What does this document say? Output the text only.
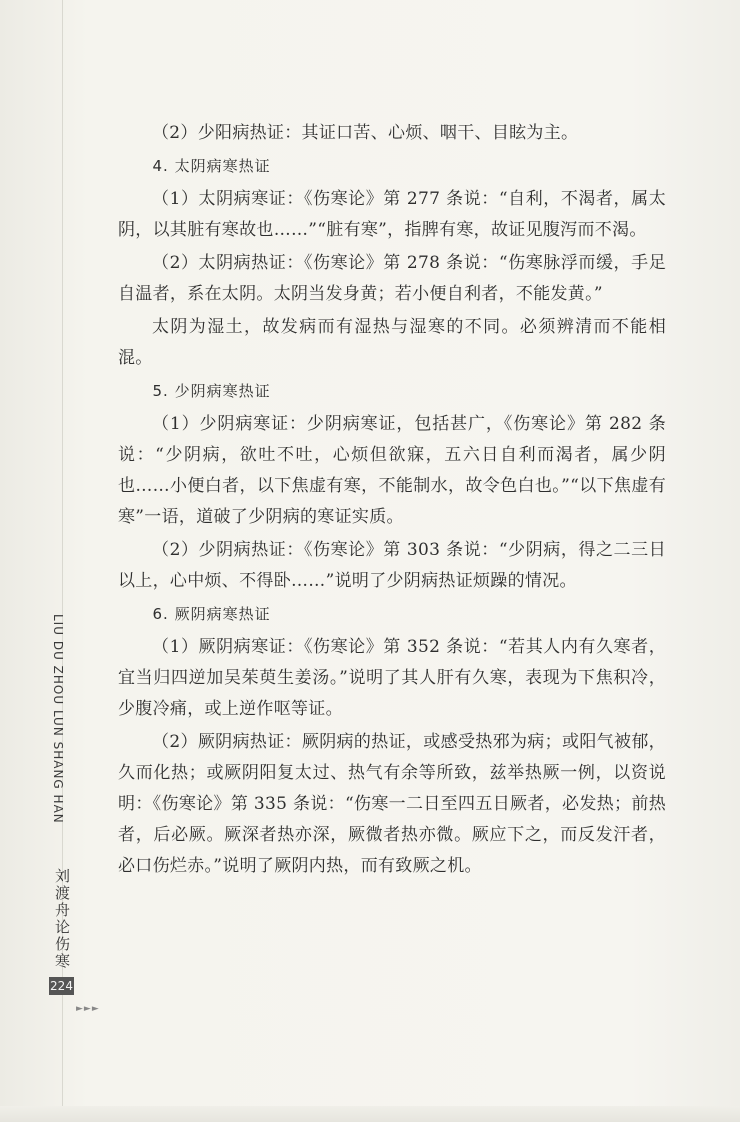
（2）少阳病热证：其证口苦、心烦、咽干、目眩为主。

4. 太阴病寒热证

（1）太阴病寒证：《伤寒论》第 277 条说：“自利，不渴者，属太阴，以其脏有寒故也……”“脏有寒”，指脾有寒，故证见腹泻而不渴。

（2）太阴病热证：《伤寒论》第 278 条说：“伤寒脉浮而缓，手足自温者，系在太阴。太阴当发身黄；若小便自利者，不能发黄。”

太阴为湿土，故发病而有湿热与湿寒的不同。必须辨清而不能相混。

5. 少阴病寒热证

（1）少阴病寒证：少阴病寒证，包括甚广，《伤寒论》第 282 条说：“少阴病，欲吐不吐，心烦但欲寐，五六日自利而渴者，属少阴也……小便白者，以下焦虚有寒，不能制水，故令色白也。”“以下焦虚有寒”一语，道破了少阴病的寒证实质。

（2）少阴病热证：《伤寒论》第 303 条说：“少阴病，得之二三日以上，心中烦、不得卧……”说明了少阴病热证烦躁的情况。

6. 厥阴病寒热证

（1）厥阴病寒证：《伤寒论》第 352 条说：“若其人内有久寒者，宜当归四逆加吴茱萸生姜汤。”说明了其人肝有久寒，表现为下焦积冷，少腹冷痛，或上逆作呕等证。

（2）厥阴病热证：厥阴病的热证，或感受热邪为病；或阳气被郁，久而化热；或厥阴阳复太过、热气有余等所致，兹举热厥一例，以资说明：《伤寒论》第 335 条说：“伤寒一二日至四五日厥者，必发热；前热者，后必厥。厥深者热亦深，厥微者热亦微。厥应下之，而反发汗者，必口伤烂赤。”说明了厥阴内热，而有致厥之机。

LIU DU ZHOU LUN SHANG HAN
刘渡舟论伤寒
224
►►►
